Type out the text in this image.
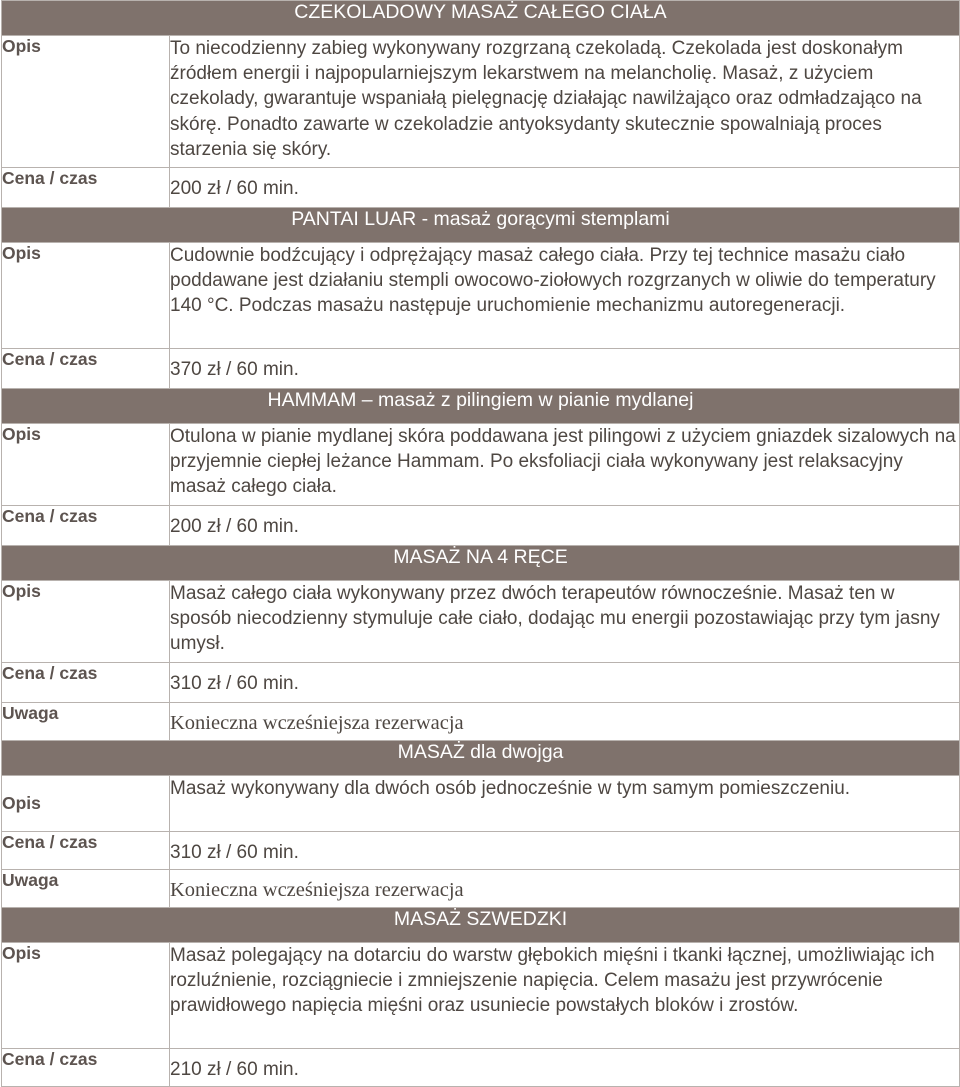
CZEKOLADOWY MASAŻ CAŁEGO CIAŁA	
Opis	To niecodzienny zabieg wykonywany rozgrzaną czekoladą. Czekolada jest doskonałym źródłem energii i najpopularniejszym lekarstwem na melancholię. Masaż, z użyciem czekolady, gwarantuje wspaniałą pielęgnację działając nawilżająco oraz odmładzająco na skórę. Ponadto zawarte w czekoladzie antyoksydanty skutecznie spowalniają proces starzenia się skóry.
Cena / czas	200 zł / 60 min.
PANTAI LUAR - masaż gorącymi stemplami	
Opis	Cudownie bodźcujący i odprężający masaż całego ciała. Przy tej technice masażu ciało poddawane jest działaniu stempli owocowo-ziołowych rozgrzanych w oliwie do temperatury 140 °C. Podczas masażu następuje uruchomienie mechanizmu autoregeneracji.
Cena / czas	370 zł / 60 min.
HAMMAM – masaż z pilingiem w pianie mydlanej	
Opis	Otulona w pianie mydlanej skóra poddawana jest pilingowi z użyciem gniazdek sizalowych na przyjemnie ciepłej leżance Hammam. Po eksfoliacji ciała wykonywany jest relaksacyjny masaż całego ciała.
Cena / czas	200 zł / 60 min.
MASAŻ NA 4 RĘCE	
Opis	Masaż całego ciała wykonywany przez dwóch terapeutów równocześnie. Masaż ten w sposób niecodzienny stymuluje całe ciało, dodając mu energii pozostawiając przy tym jasny umysł.
Cena / czas	310 zł / 60 min.
Uwaga	Konieczna wcześniejsza rezerwacja
MASAŻ dla dwojga	
Opis	Masaż wykonywany dla dwóch osób jednocześnie w tym samym pomieszczeniu.
Cena / czas	310 zł / 60 min.
Uwaga	Konieczna wcześniejsza rezerwacja
MASAŻ SZWEDZKI	
Opis	Masaż polegający na dotarciu do warstw głębokich mięśni i tkanki łącznej, umożliwiając ich rozluźnienie, rozciągniecie i zmniejszenie napięcia. Celem masażu jest przywrócenie prawidłowego napięcia mięśni oraz usuniecie powstałych bloków i zrostów.
Cena / czas	210 zł / 60 min.
